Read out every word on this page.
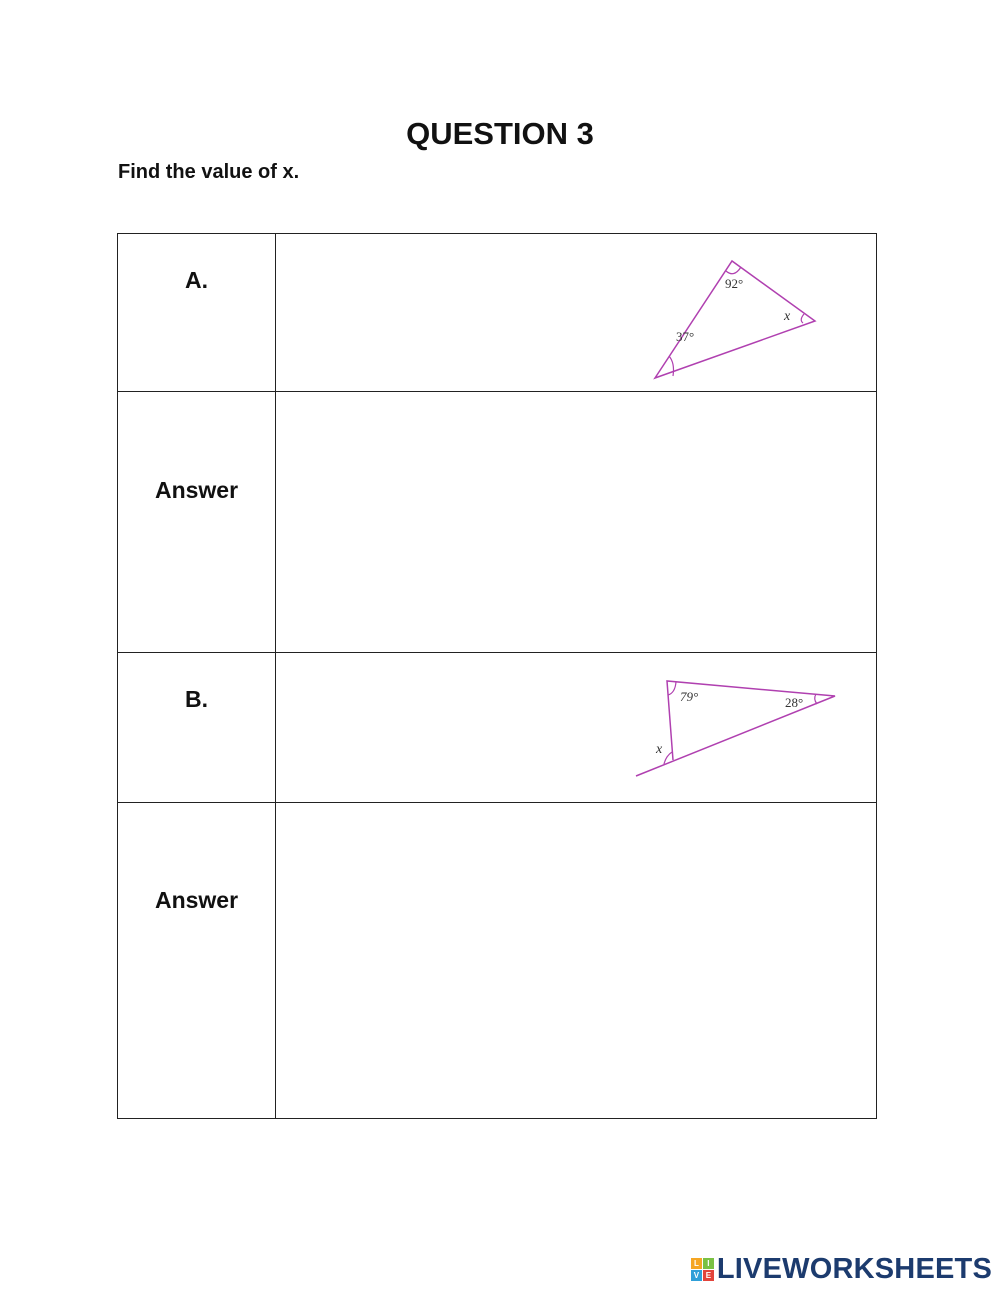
QUESTION 3
Find the value of x.
A.	92°
x
37°

Answer	

B.	79° 28°
x

Answer	

L	I
V E LIVEWORKSHEETS
